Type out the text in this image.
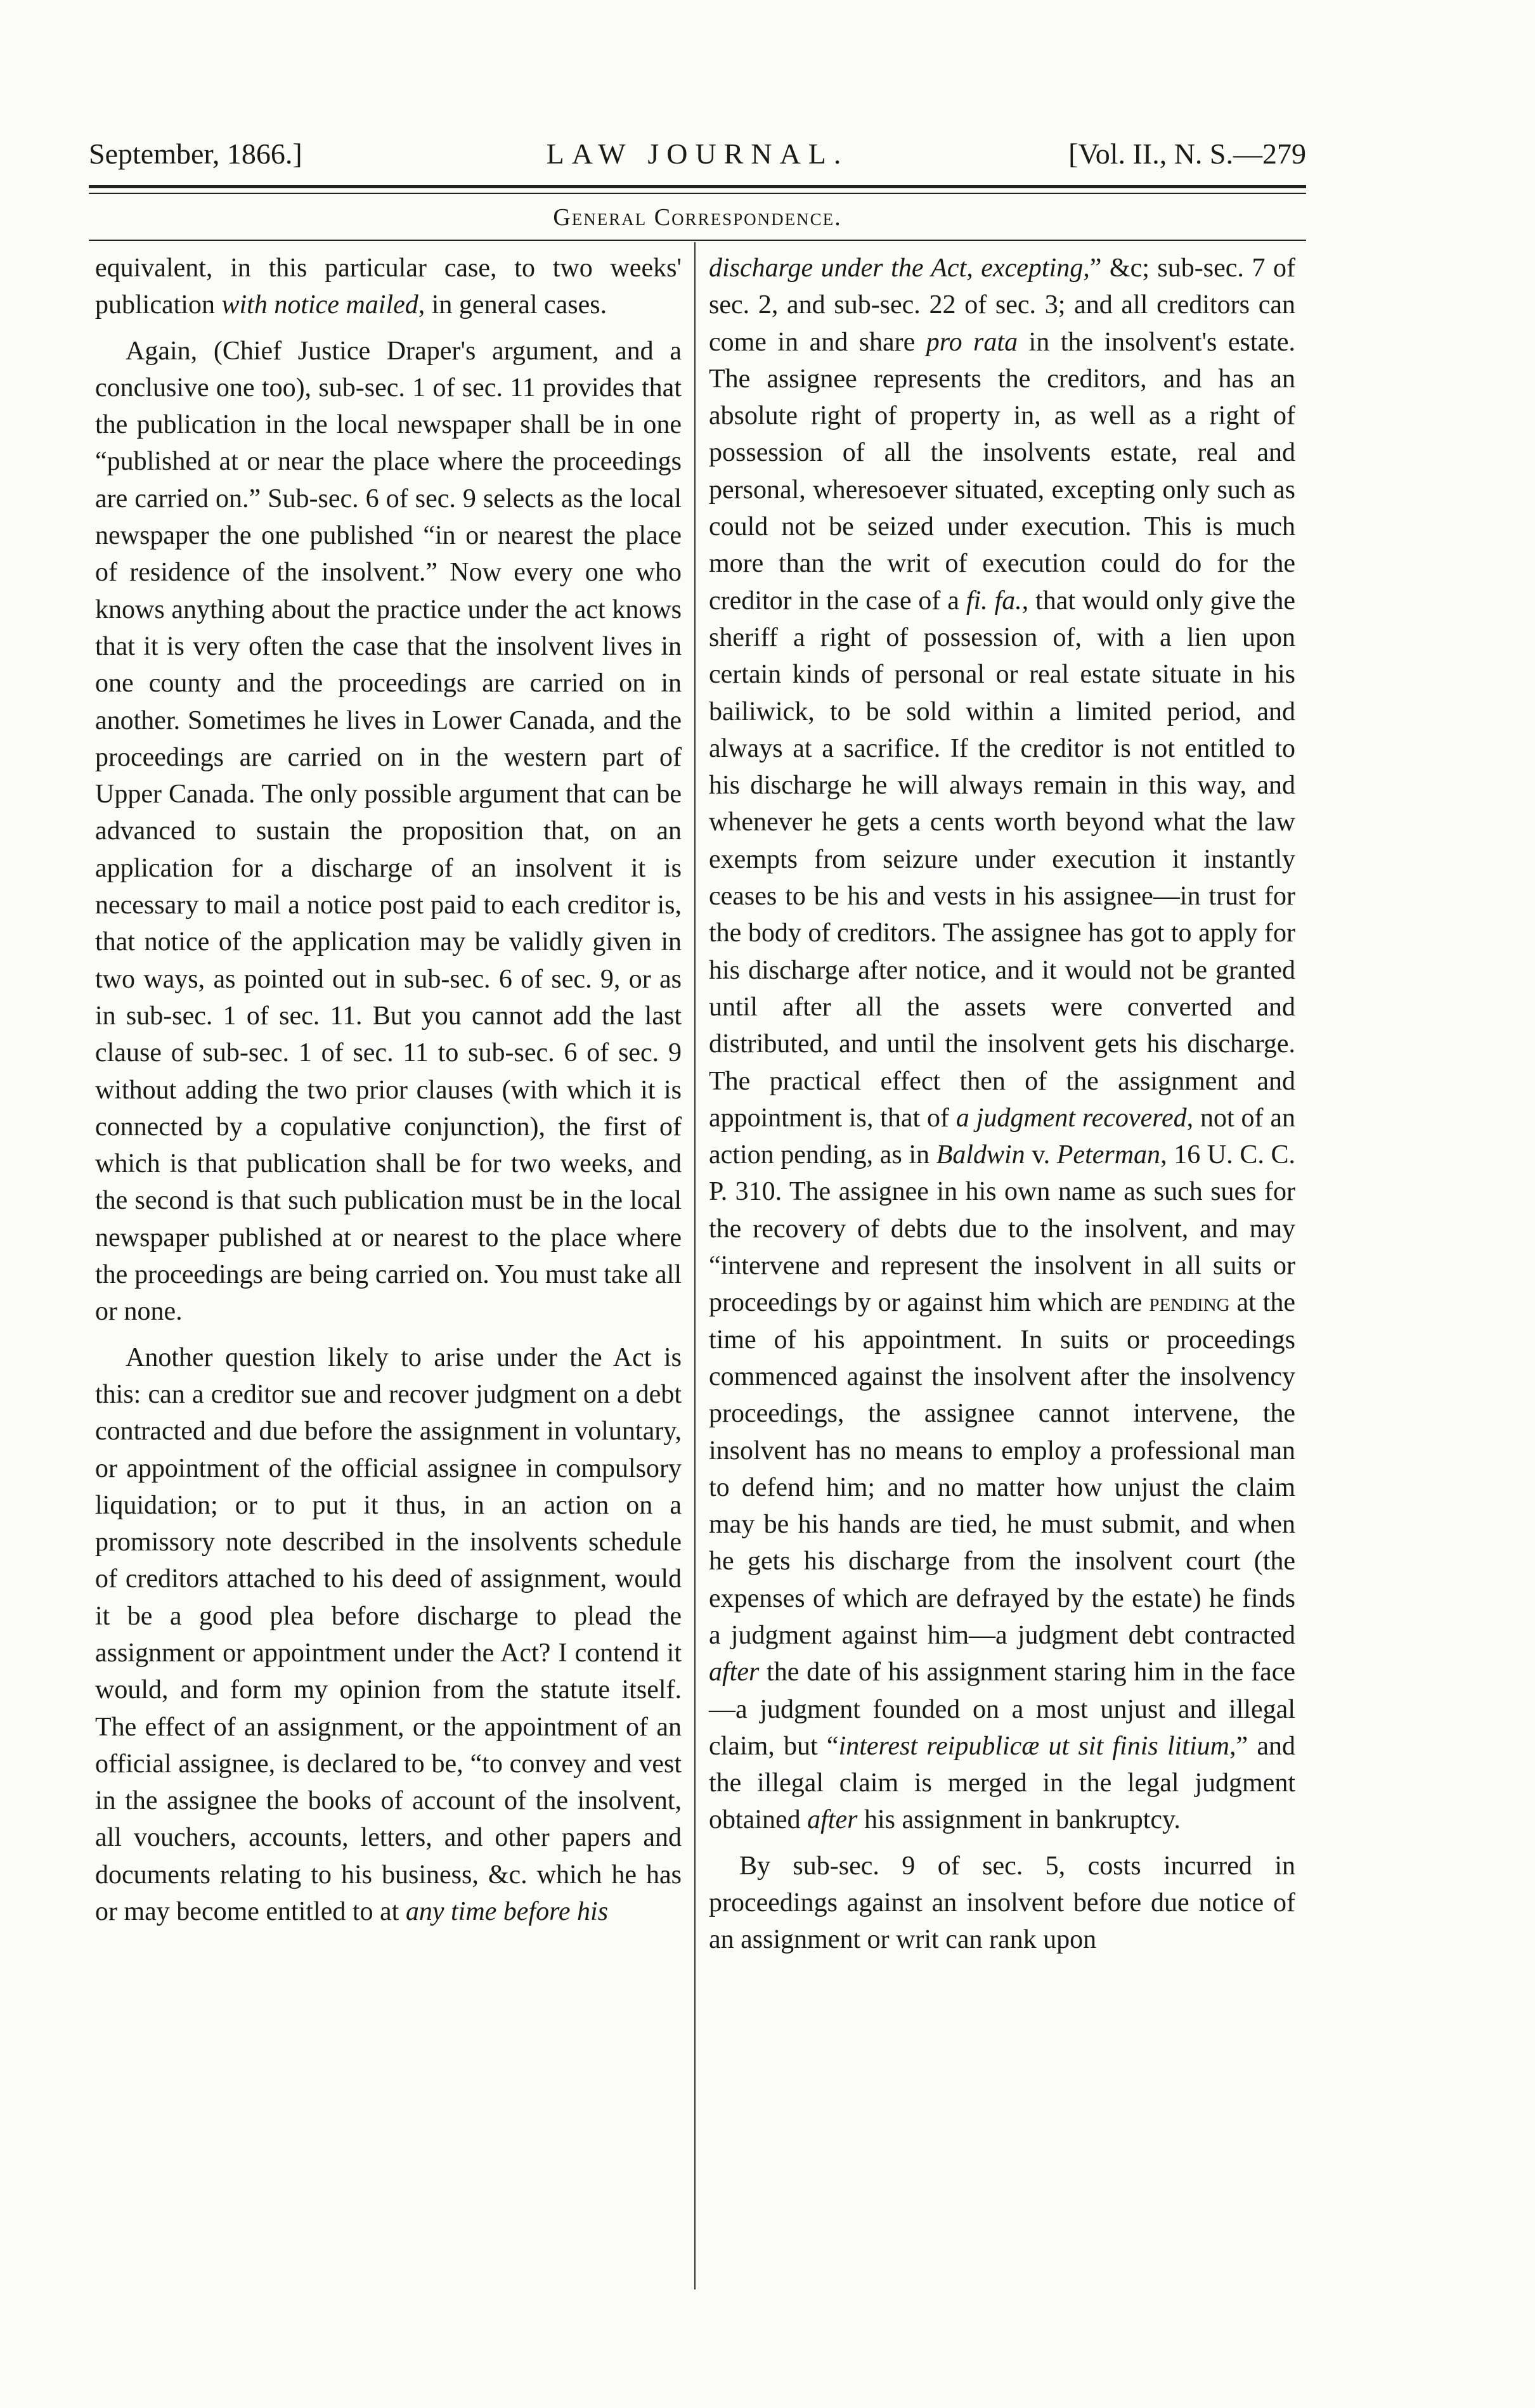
September, 1866.]	LAW JOURNAL.	[Vol. II., N. S.—279
General Correspondence.

equivalent, in this particular case, to two weeks' publication with notice mailed, in general cases.

Again, (Chief Justice Draper's argument, and a conclusive one too), sub-sec. 1 of sec. 11 provides that the publication in the local newspaper shall be in one “published at or near the place where the proceedings are carried on.” Sub-sec. 6 of sec. 9 selects as the local newspaper the one published “in or nearest the place of residence of the insolvent.” Now every one who knows anything about the practice under the act knows that it is very often the case that the insolvent lives in one county and the proceedings are carried on in another. Sometimes he lives in Lower Canada, and the proceedings are carried on in the western part of Upper Canada. The only possible argument that can be advanced to sustain the proposition that, on an application for a discharge of an insolvent it is necessary to mail a notice post paid to each creditor is, that notice of the application may be validly given in two ways, as pointed out in sub-sec. 6 of sec. 9, or as in sub-sec. 1 of sec. 11. But you cannot add the last clause of sub-sec. 1 of sec. 11 to sub-sec. 6 of sec. 9 without adding the two prior clauses (with which it is connected by a copulative conjunction), the first of which is that publication shall be for two weeks, and the second is that such publication must be in the local newspaper published at or nearest to the place where the proceedings are being carried on. You must take all or none.

Another question likely to arise under the Act is this: can a creditor sue and recover judgment on a debt contracted and due before the assignment in voluntary, or appointment of the official assignee in compulsory liquidation; or to put it thus, in an action on a promissory note described in the insolvents schedule of creditors attached to his deed of assignment, would it be a good plea before discharge to plead the assignment or appointment under the Act? I contend it would, and form my opinion from the statute itself. The effect of an assignment, or the appointment of an official assignee, is declared to be, “to convey and vest in the assignee the books of account of the insolvent, all vouchers, accounts, letters, and other papers and documents relating to his business, &c. which he has or may become entitled to at any time before his

discharge under the Act, excepting,” &c; sub-sec. 7 of sec. 2, and sub-sec. 22 of sec. 3; and all creditors can come in and share pro rata in the insolvent's estate. The assignee represents the creditors, and has an absolute right of property in, as well as a right of possession of all the insolvents estate, real and personal, wheresoever situated, excepting only such as could not be seized under execution. This is much more than the writ of execution could do for the creditor in the case of a fi. fa., that would only give the sheriff a right of possession of, with a lien upon certain kinds of personal or real estate situate in his bailiwick, to be sold within a limited period, and always at a sacrifice. If the creditor is not entitled to his discharge he will always remain in this way, and whenever he gets a cents worth beyond what the law exempts from seizure under execution it instantly ceases to be his and vests in his assignee—in trust for the body of creditors. The assignee has got to apply for his discharge after notice, and it would not be granted until after all the assets were converted and distributed, and until the insolvent gets his discharge. The practical effect then of the assignment and appointment is, that of a judgment recovered, not of an action pending, as in Baldwin v. Peterman, 16 U. C. C. P. 310. The assignee in his own name as such sues for the recovery of debts due to the insolvent, and may “intervene and represent the insolvent in all suits or proceedings by or against him which are pending at the time of his appointment. In suits or proceedings commenced against the insolvent after the insolvency proceedings, the assignee cannot intervene, the insolvent has no means to employ a professional man to defend him; and no matter how unjust the claim may be his hands are tied, he must submit, and when he gets his discharge from the insolvent court (the expenses of which are defrayed by the estate) he finds a judgment against him—a judgment debt contracted after the date of his assignment staring him in the face—a judgment founded on a most unjust and illegal claim, but “interest reipublicæ ut sit finis litium,” and the illegal claim is merged in the legal judgment obtained after his assignment in bankruptcy.

By sub-sec. 9 of sec. 5, costs incurred in proceedings against an insolvent before due notice of an assignment or writ can rank upon
